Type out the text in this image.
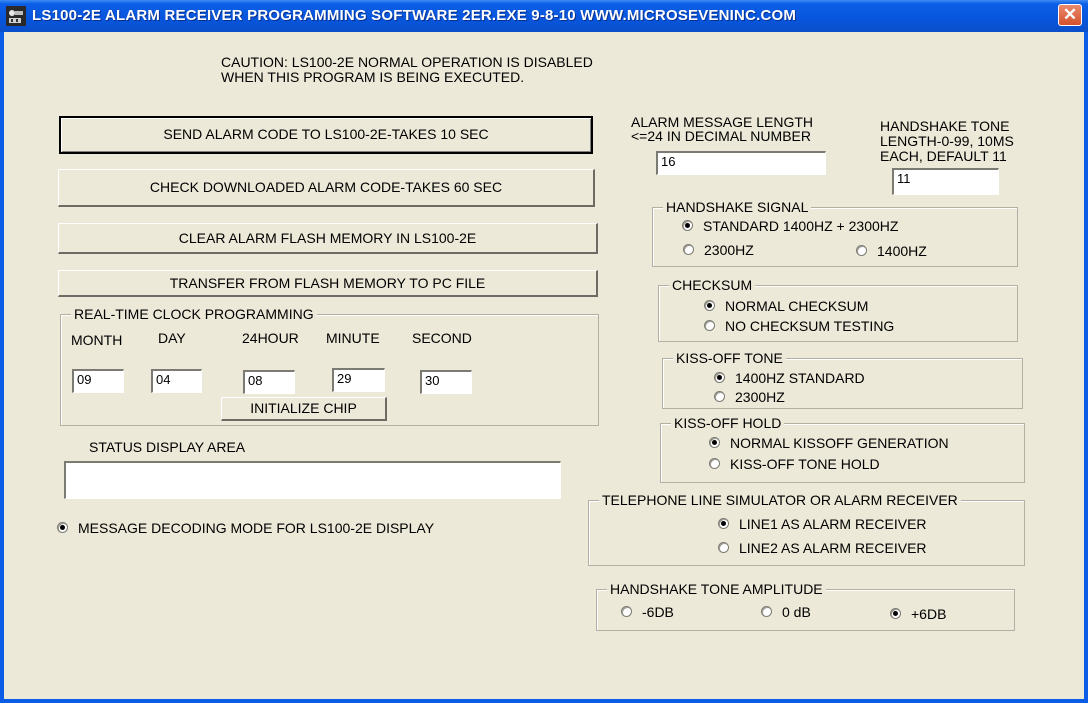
LS100-2E ALARM RECEIVER PROGRAMMING SOFTWARE 2ER.EXE 9-8-10 WWW.MICROSEVENINC.COM	✕
CAUTION: LS100-2E NORMAL OPERATION IS DISABLED
WHEN THIS PROGRAM IS BEING EXECUTED.
SEND ALARM CODE TO LS100-2E-TAKES 10 SEC
CHECK DOWNLOADED ALARM CODE-TAKES 60 SEC
CLEAR ALARM FLASH MEMORY IN LS100-2E
TRANSFER FROM FLASH MEMORY TO PC FILE
REAL-TIME CLOCK PROGRAMMING
MONTH	DAY	24HOUR MINUTE SECOND
09	04	08	29	30
INITIALIZE CHIP
STATUS DISPLAY AREA
MESSAGE DECODING MODE FOR LS100-2E DISPLAY
ALARM MESSAGE LENGTH
<=24 IN DECIMAL NUMBER
16
HANDSHAKE TONE
LENGTH-0-99, 10MS
EACH, DEFAULT 11
11
HANDSHAKE SIGNAL
STANDARD 1400HZ + 2300HZ
2300HZ	1400HZ
CHECKSUM
NORMAL CHECKSUM
NO CHECKSUM TESTING
KISS-OFF TONE
1400HZ STANDARD
2300HZ
KISS-OFF HOLD
NORMAL KISSOFF GENERATION
KISS-OFF TONE HOLD
TELEPHONE LINE SIMULATOR OR ALARM RECEIVER
LINE1 AS ALARM RECEIVER
LINE2 AS ALARM RECEIVER
HANDSHAKE TONE AMPLITUDE
-6DB	0 dB	+6DB
